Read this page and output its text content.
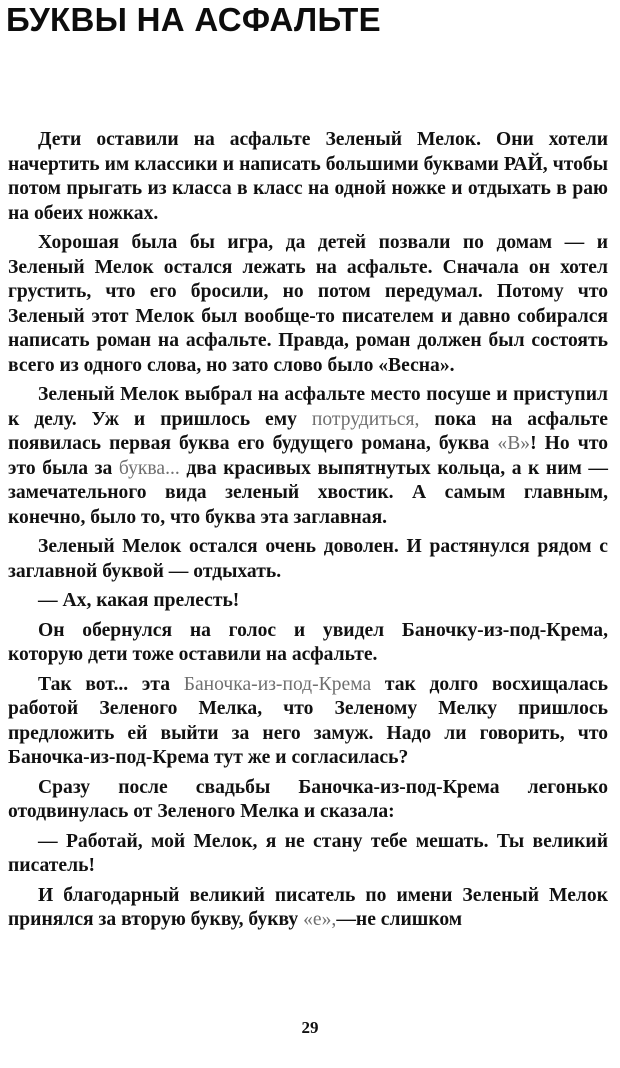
БУКВЫ НА АСФАЛЬТЕ

Дети оставили на асфальте Зеленый Мелок. Они хотели начертить им классики и написать большими буквами РАЙ, чтобы потом прыгать из класса в класс на одной ножке и отдыхать в раю на обеих ножках.

Хорошая была бы игра, да детей позвали по домам — и Зеленый Мелок остался лежать на асфальте. Сначала он хотел грустить, что его бросили, но потом передумал. Потому что Зеленый этот Мелок был вообще-то писателем и давно собирался написать роман на асфальте. Правда, роман должен был состоять всего из одного слова, но зато слово было «Весна».

Зеленый Мелок выбрал на асфальте место посуше и приступил к делу. Уж и пришлось ему потрудиться, пока на асфальте появилась первая буква его будущего романа, буква «В»! Но что это была за буква... два красивых выпятнутых кольца, а к ним — замечательного вида зеленый хвостик. А самым главным, конечно, было то, что буква эта заглавная.

Зеленый Мелок остался очень доволен. И растянулся рядом с заглавной буквой — отдыхать.

— Ах, какая прелесть!

Он обернулся на голос и увидел Баночку-из-под-Крема, которую дети тоже оставили на асфальте.

Так вот... эта Баночка-из-под-Крема так долго восхищалась работой Зеленого Мелка, что Зеленому Мелку пришлось предложить ей выйти за него замуж. Надо ли говорить, что Баночка-из-под-Крема тут же и согласилась?

Сразу после свадьбы Баночка-из-под-Крема легонько отодвинулась от Зеленого Мелка и сказала:

— Работай, мой Мелок, я не стану тебе мешать. Ты великий писатель!

И благодарный великий писатель по имени Зеленый Мелок принялся за вторую букву, букву «е»,—не слишком

29
